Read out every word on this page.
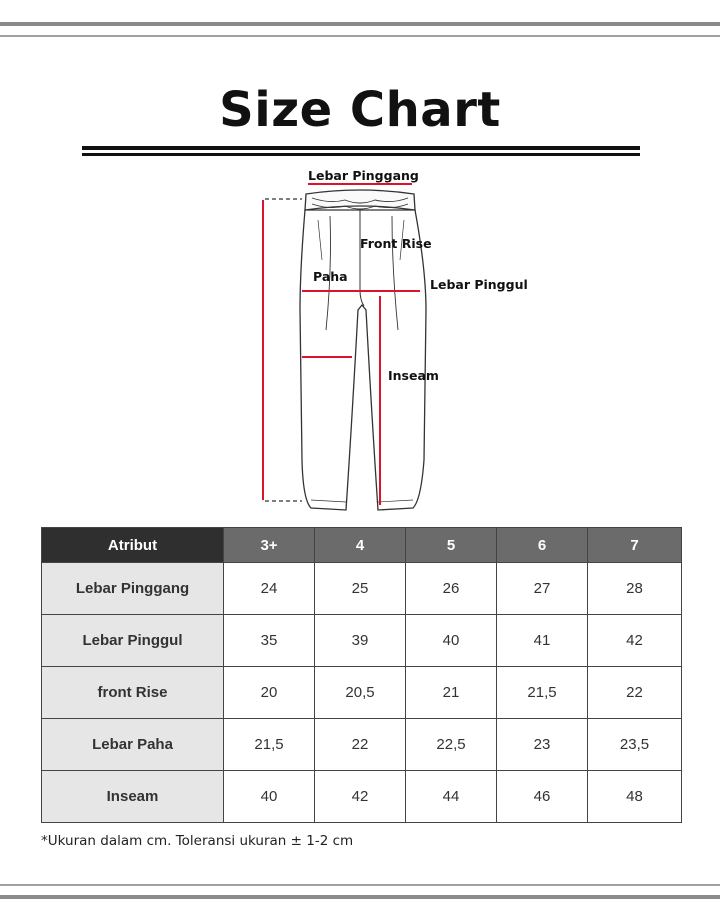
Size Chart
Lebar Pinggang
Front Rise
Paha
Lebar Pinggul
Inseam
Atribut	3+	4	5	6	7
Lebar Pinggang	24	25	26	27	28
Lebar Pinggul	35	39	40	41	42
front Rise	20	20,5	21	21,5	22
Lebar Paha	21,5	22	22,5	23	23,5
Inseam	40	42	44	46	48
*Ukuran dalam cm. Toleransi ukuran ± 1-2 cm
